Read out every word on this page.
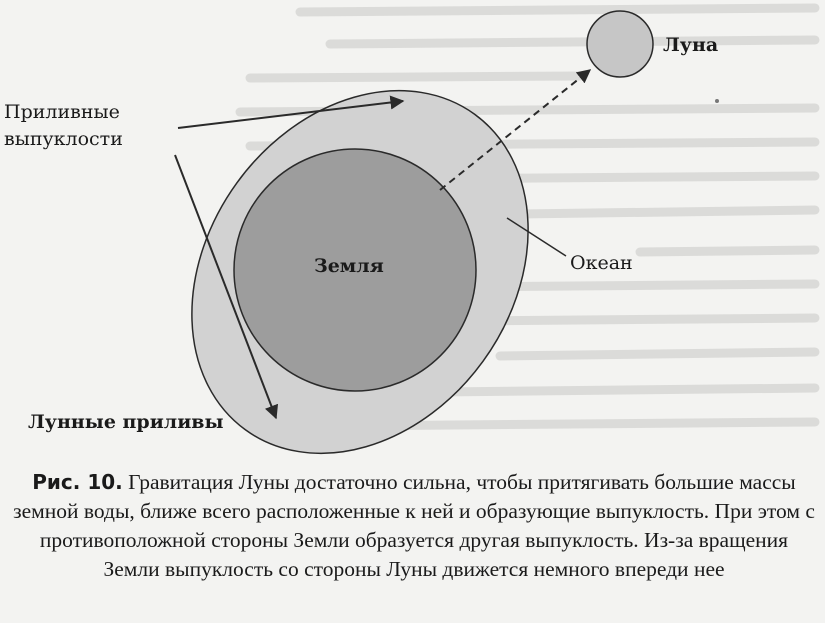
Луна
Приливные
выпуклости
Земля	Океан
Лунные приливы
Рис. 10. Гравитация Луны достаточно сильна, чтобы притягивать большие массы земной воды, ближе всего расположенные к ней и образующие выпуклость. При этом с противоположной стороны Земли образуется другая выпуклость. Из-за вращения Земли выпуклость со стороны Луны движется немного впереди нее
